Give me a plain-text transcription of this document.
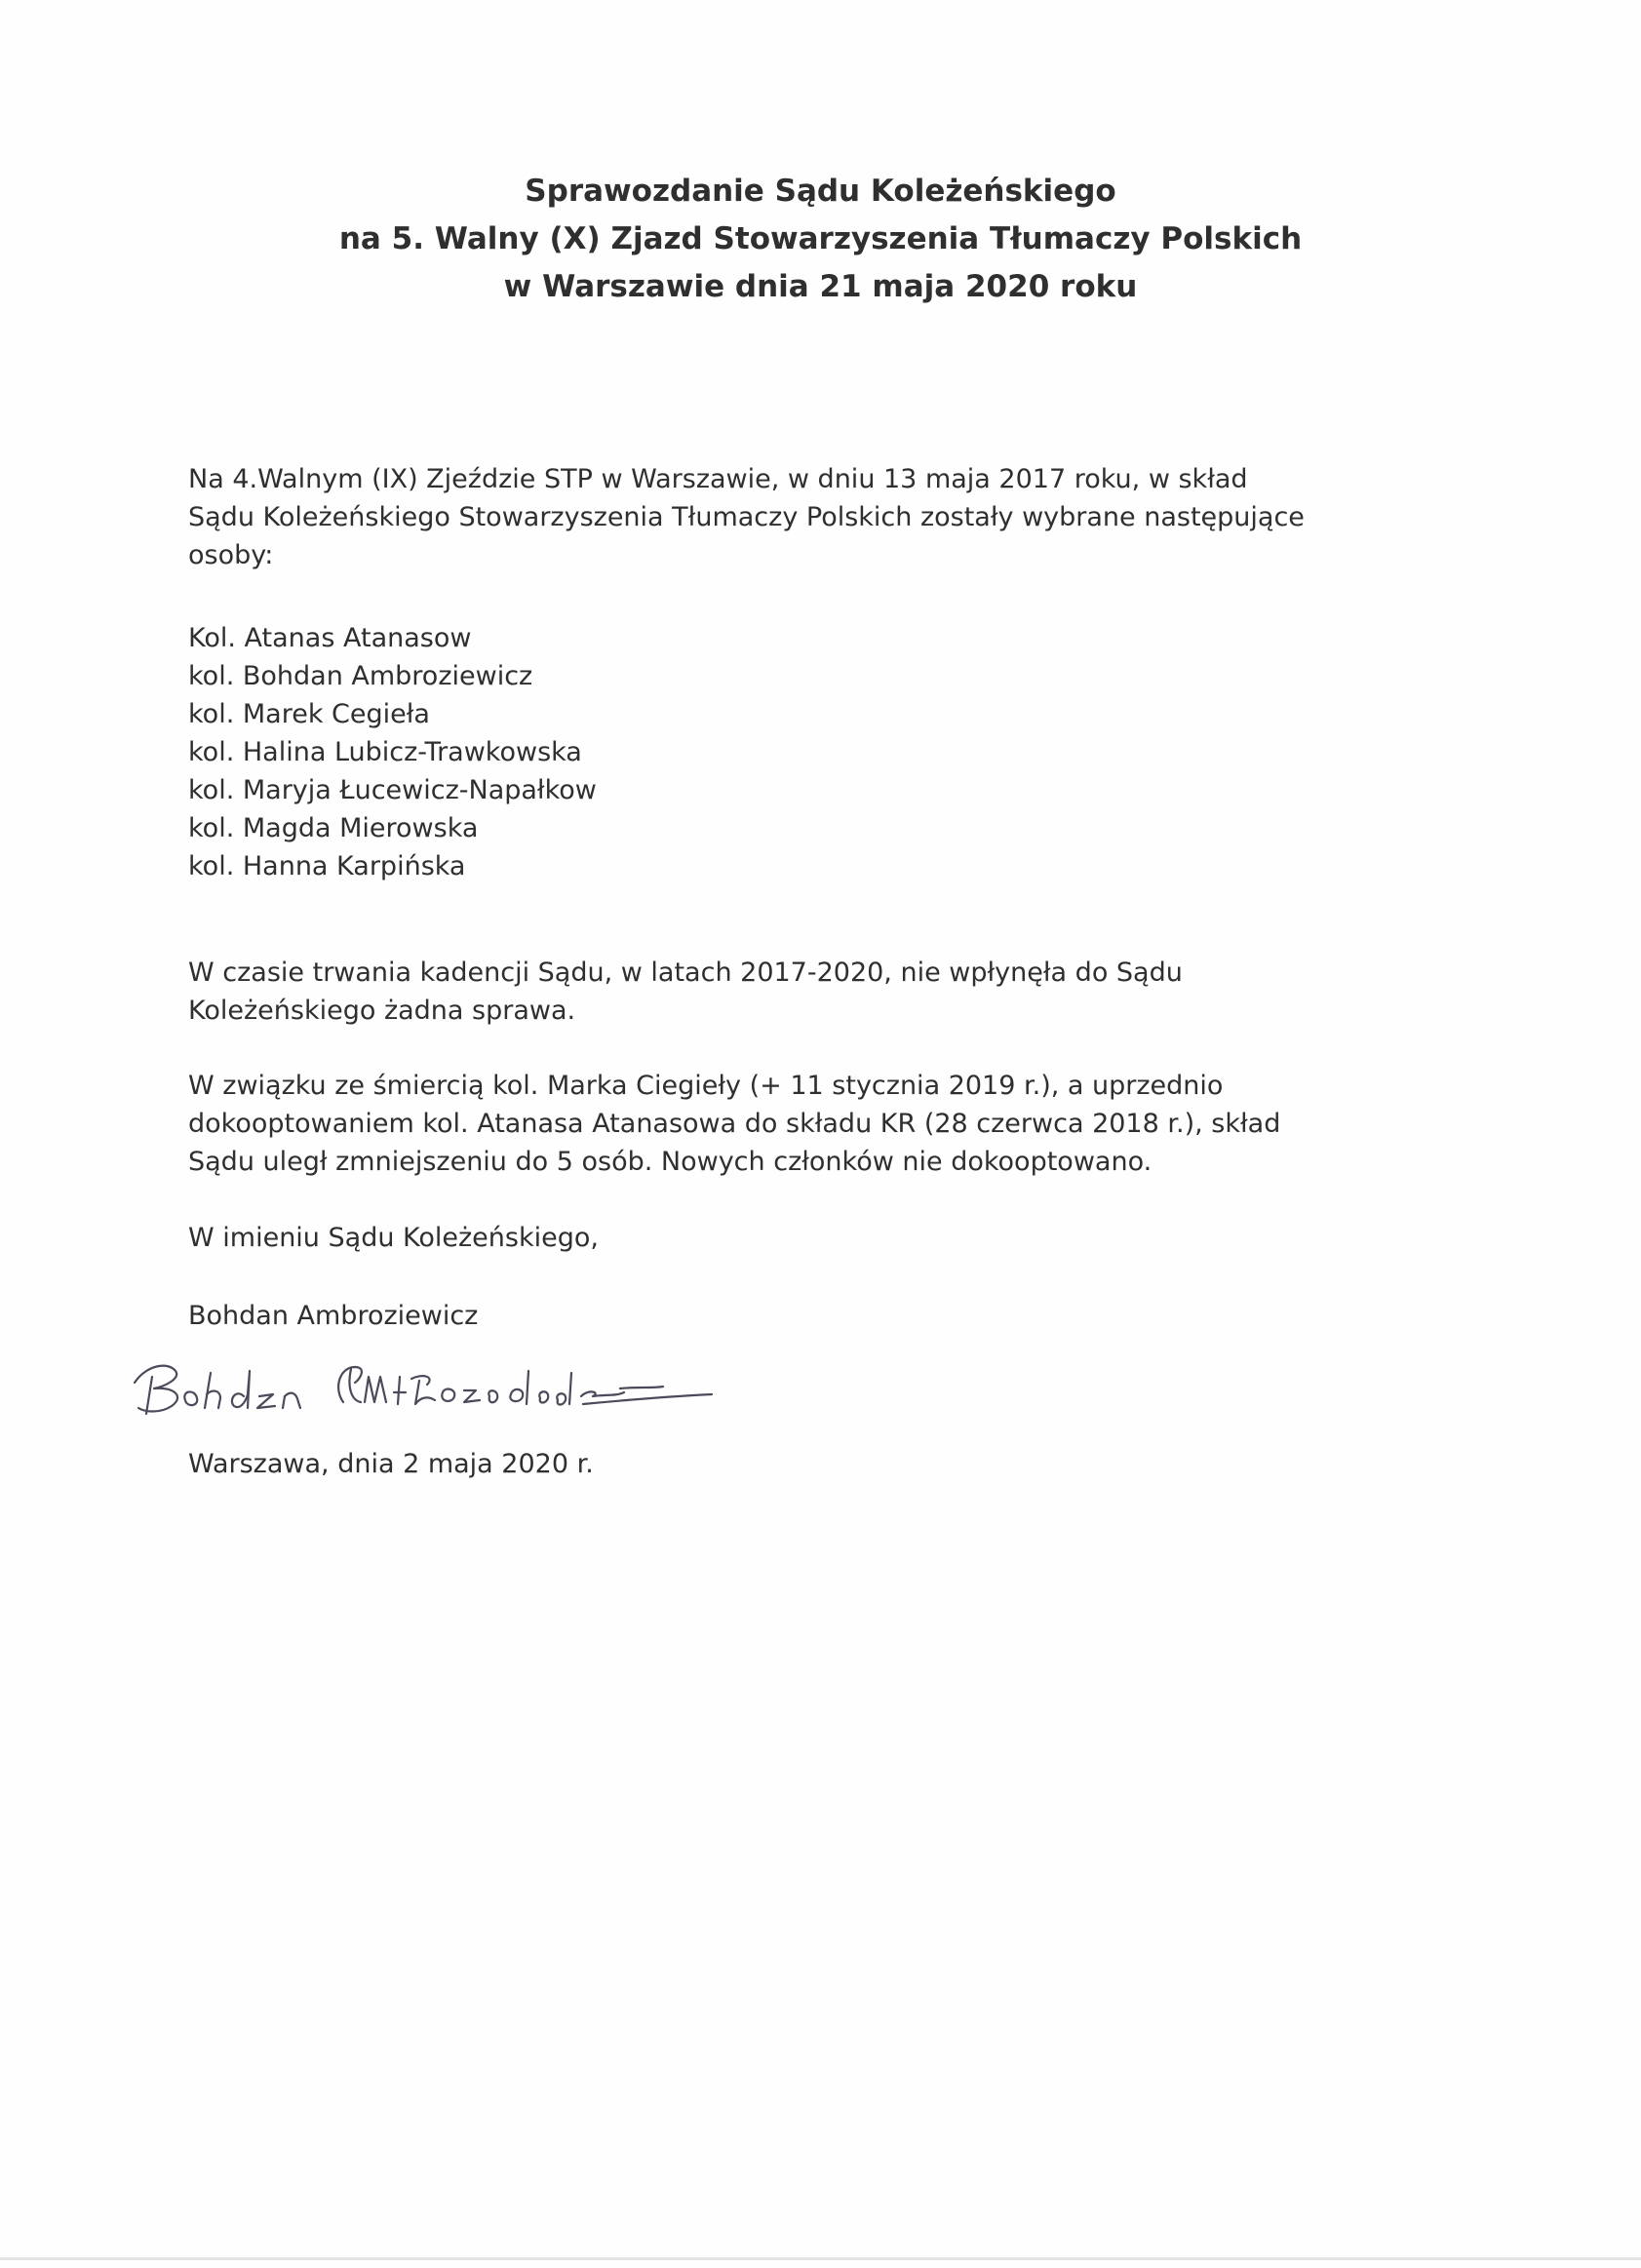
Sprawozdanie Sądu Koleżeńskiego
na 5. Walny (X) Zjazd Stowarzyszenia Tłumaczy Polskich
w Warszawie dnia 21 maja 2020 roku
Na 4.Walnym (IX) Zjeździe STP w Warszawie, w dniu 13 maja 2017 roku, w skład
Sądu Koleżeńskiego Stowarzyszenia Tłumaczy Polskich zostały wybrane następujące
osoby:
Kol. Atanas Atanasow
kol. Bohdan Ambroziewicz
kol. Marek Cegieła
kol. Halina Lubicz-Trawkowska
kol. Maryja Łucewicz-Napałkow
kol. Magda Mierowska
kol. Hanna Karpińska
W czasie trwania kadencji Sądu, w latach 2017-2020, nie wpłynęła do Sądu
Koleżeńskiego żadna sprawa.
W związku ze śmiercią kol. Marka Ciegieły (+ 11 stycznia 2019 r.), a uprzednio
dokooptowaniem kol. Atanasa Atanasowa do składu KR (28 czerwca 2018 r.), skład
Sądu uległ zmniejszeniu do 5 osób. Nowych członków nie dokooptowano.
W imieniu Sądu Koleżeńskiego,
Bohdan Ambroziewicz
Warszawa, dnia 2 maja 2020 r.
